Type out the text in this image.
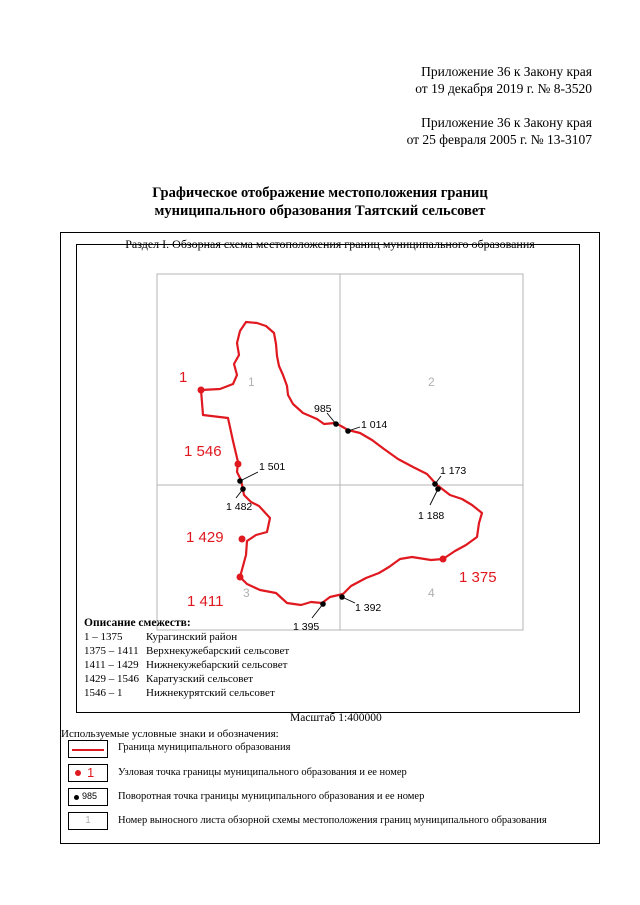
Приложение 36 к Закону края
от 19 декабря 2019 г. № 8-3520
Приложение 36 к Закону края
от 25 февраля 2005 г. № 13-3107
Графическое отображение местоположения границ
муниципального образования Таятский сельсовет
Раздел I. Обзорная схема местоположения границ муниципального образования
1	2
3	4
985
1 014
1 173
1 188
1 392
1 395
1 501
1 482
1
1 546
1 429
1 411
1 375
Описание смежеств:
1 – 1375 Курагинский район
1375 – 1411 Верхнекужебарский сельсовет
1411 – 1429 Нижнекужебарский сельсовет
1429 – 1546 Каратузский сельсовет
1546 – 1 Нижнекурятский сельсовет
Масштаб 1:400000
Используемые условные знаки и обозначения:
Граница муниципального образования
1 Узловая точка границы муниципального образования и ее номер
985 Поворотная точка границы муниципального образования и ее номер
1	Номер выносного листа обзорной схемы местоположения границ муниципального образования
